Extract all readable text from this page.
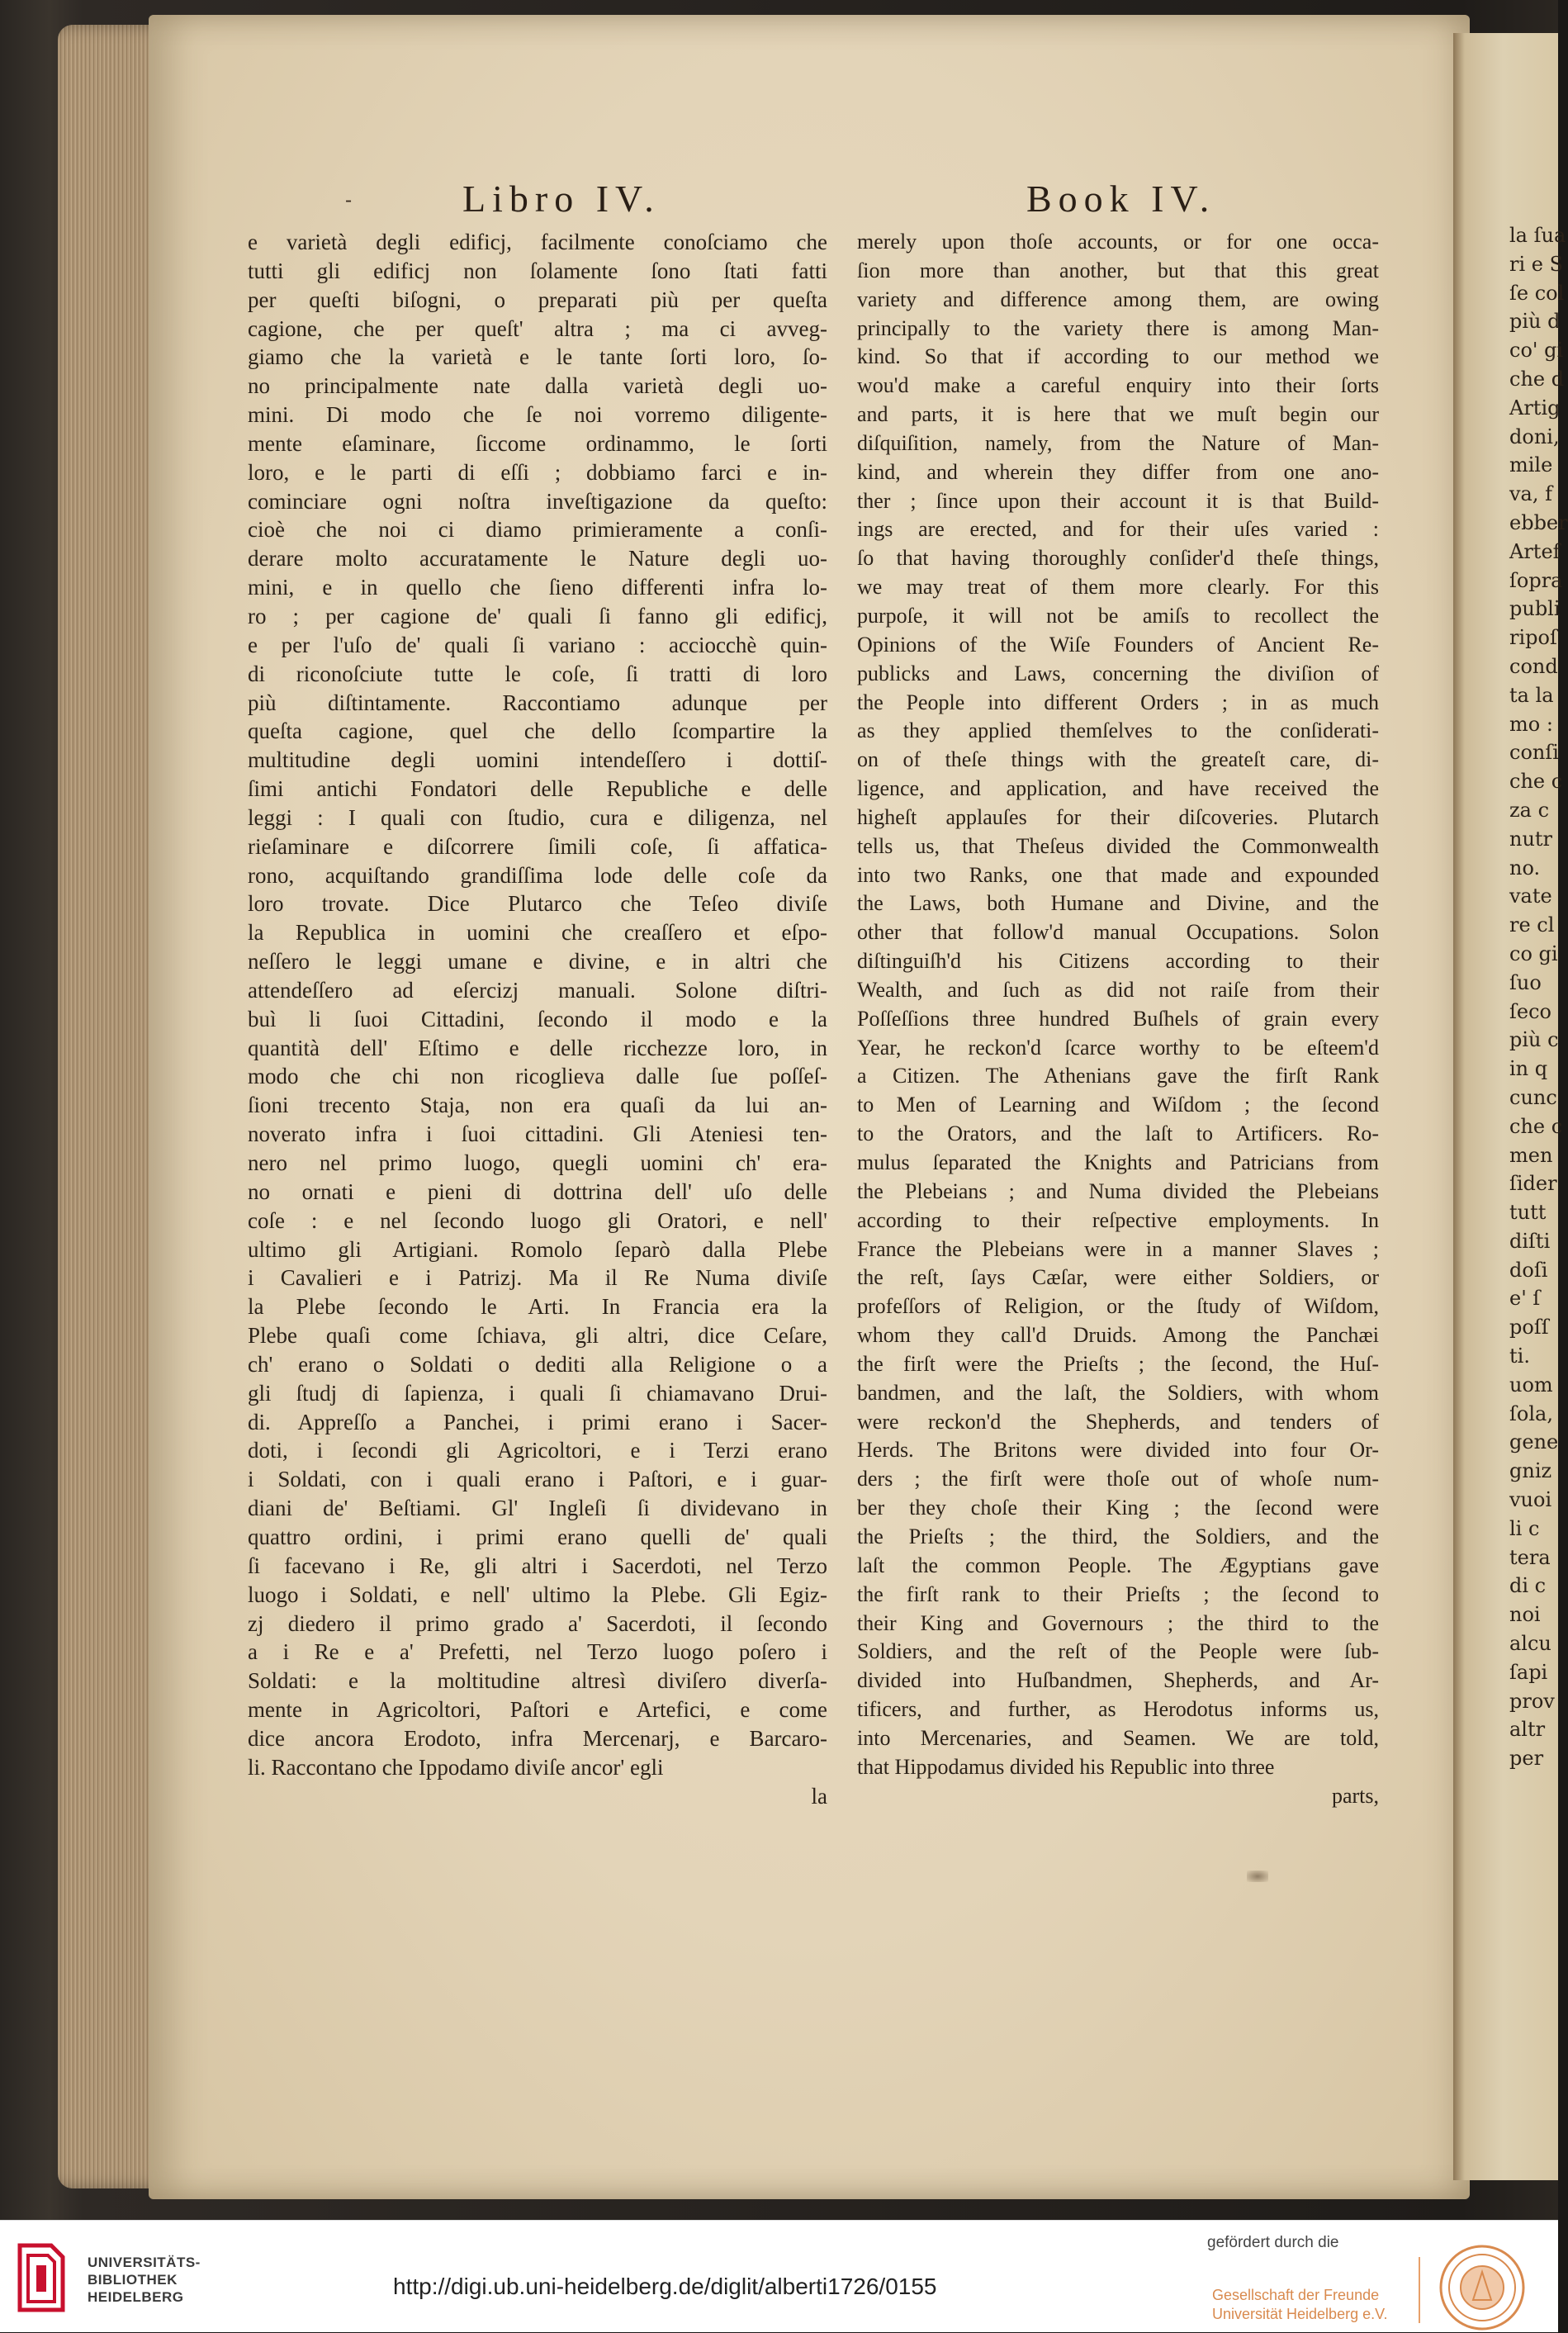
la ſua
ri e S
ſe col
più d
co' gi
che d
Artig
doni,
mile
va, f
ebber
Artef
ſopra
publi
ripoſ
cond
ta la
mo :
conſi
che c
za c
nutr
no.
vate
re cl
co gi
ſuo
ſeco
più c
in q
cunc
che c
men
ſider
tutt
diſti
doſi
e' ſ
poſſ
ti.
uom
ſola,
gene
gniz
vuoi
li c
tera
di c
noi
alcu
ſapi
prov
altr
per
-	Libro IV.	Book IV.
e varietà degli edificj, facilmente conoſciamo che
tutti gli edificj non ſolamente ſono ſtati fatti
per queſti biſogni, o preparati più per queſta
cagione, che per queſt' altra ; ma ci avveg-
giamo che la varietà e le tante ſorti loro, ſo-
no principalmente nate dalla varietà degli uo-
mini. Di modo che ſe noi vorremo diligente-
mente eſaminare, ſiccome ordinammo, le ſorti
loro, e le parti di eſſi ; dobbiamo farci e in-
cominciare ogni noſtra inveſtigazione da queſto:
cioè che noi ci diamo primieramente a conſi-
derare molto accuratamente le Nature degli uo-
mini, e in quello che ſieno differenti infra lo-
ro ; per cagione de' quali ſi fanno gli edificj,
e per l'uſo de' quali ſi variano : acciocchè quin-
di riconoſciute tutte le coſe, ſi tratti di loro
più diſtintamente. Raccontiamo adunque per
queſta cagione, quel che dello ſcompartire la
multitudine degli uomini intendeſſero i dottiſ-
ſimi antichi Fondatori delle Republiche e delle
leggi : I quali con ſtudio, cura e diligenza, nel
rieſaminare e diſcorrere ſimili coſe, ſi affatica-
rono, acquiſtando grandiſſima lode delle coſe da
loro trovate. Dice Plutarco che Teſeo diviſe
la Republica in uomini che creaſſero et eſpo-
neſſero le leggi umane e divine, e in altri che
attendeſſero ad eſercizj manuali. Solone diſtri-
buì li ſuoi Cittadini, ſecondo il modo e la
quantità dell' Eſtimo e delle ricchezze loro, in
modo che chi non ricoglieva dalle ſue poſſeſ-
ſioni trecento Staja, non era quaſi da lui an-
noverato infra i ſuoi cittadini. Gli Ateniesi ten-
nero nel primo luogo, quegli uomini ch' era-
no ornati e pieni di dottrina dell' uſo delle
coſe : e nel ſecondo luogo gli Oratori, e nell'
ultimo gli Artigiani. Romolo ſeparò dalla Plebe
i Cavalieri e i Patrizj. Ma il Re Numa diviſe
la Plebe ſecondo le Arti. In Francia era la
Plebe quaſi come ſchiava, gli altri, dice Ceſare,
ch' erano o Soldati o dediti alla Religione o a
gli ſtudj di ſapienza, i quali ſi chiamavano Drui-
di. Appreſſo a Panchei, i primi erano i Sacer-
doti, i ſecondi gli Agricoltori, e i Terzi erano
i Soldati, con i quali erano i Paſtori, e i guar-
diani de' Beſtiami. Gl' Ingleſi ſi dividevano in
quattro ordini, i primi erano quelli de' quali
ſi facevano i Re, gli altri i Sacerdoti, nel Terzo
luogo i Soldati, e nell' ultimo la Plebe. Gli Egiz-
zj diedero il primo grado a' Sacerdoti, il ſecondo
a i Re e a' Prefetti, nel Terzo luogo poſero i
Soldati: e la moltitudine altresì diviſero diverſa-
mente in Agricoltori, Paſtori e Artefici, e come
dice ancora Erodoto, infra Mercenarj, e Barcaro-
li. Raccontano che Ippodamo diviſe ancor' egli
la
merely upon thoſe accounts, or for one occa-
ſion more than another, but that this great
variety and difference among them, are owing
principally to the variety there is among Man-
kind. So that if according to our method we
wou'd make a careful enquiry into their ſorts
and parts, it is here that we muſt begin our
diſquiſition, namely, from the Nature of Man-
kind, and wherein they differ from one ano-
ther ; ſince upon their account it is that Build-
ings are erected, and for their uſes varied :
ſo that having thoroughly conſider'd theſe things,
we may treat of them more clearly. For this
purpoſe, it will not be amiſs to recollect the
Opinions of the Wiſe Founders of Ancient Re-
publicks and Laws, concerning the diviſion of
the People into different Orders ; in as much
as they applied themſelves to the conſiderati-
on of theſe things with the greateſt care, di-
ligence, and application, and have received the
higheſt applauſes for their diſcoveries. Plutarch
tells us, that Theſeus divided the Commonwealth
into two Ranks, one that made and expounded
the Laws, both Humane and Divine, and the
other that follow'd manual Occupations. Solon
diſtinguiſh'd his Citizens according to their
Wealth, and ſuch as did not raiſe from their
Poſſeſſions three hundred Buſhels of grain every
Year, he reckon'd ſcarce worthy to be eſteem'd
a Citizen. The Athenians gave the firſt Rank
to Men of Learning and Wiſdom ; the ſecond
to the Orators, and the laſt to Artificers. Ro-
mulus ſeparated the Knights and Patricians from
the Plebeians ; and Numa divided the Plebeians
according to their reſpective employments. In
France the Plebeians were in a manner Slaves ;
the reſt, ſays Cæſar, were either Soldiers, or
profeſſors of Religion, or the ſtudy of Wiſdom,
whom they call'd Druids. Among the Panchæi
the firſt were the Prieſts ; the ſecond, the Huſ-
bandmen, and the laſt, the Soldiers, with whom
were reckon'd the Shepherds, and tenders of
Herds. The Britons were divided into four Or-
ders ; the firſt were thoſe out of whoſe num-
ber they choſe their King ; the ſecond were
the Prieſts ; the third, the Soldiers, and the
laſt the common People. The Ægyptians gave
the firſt rank to their Prieſts ; the ſecond to
their King and Governours ; the third to the
Soldiers, and the reſt of the People were ſub-
divided into Huſbandmen, Shepherds, and Ar-
tificers, and further, as Herodotus informs us,
into Mercenaries, and Seamen. We are told,
that Hippodamus divided his Republic into three
parts,
UNIVERSITÄTS-
BIBLIOTHEK
HEIDELBERG	http://digi.ub.uni-heidelberg.de/diglit/alberti1726/0155
gefördert durch die
Gesellschaft der Freunde
Universität Heidelberg e.V.
